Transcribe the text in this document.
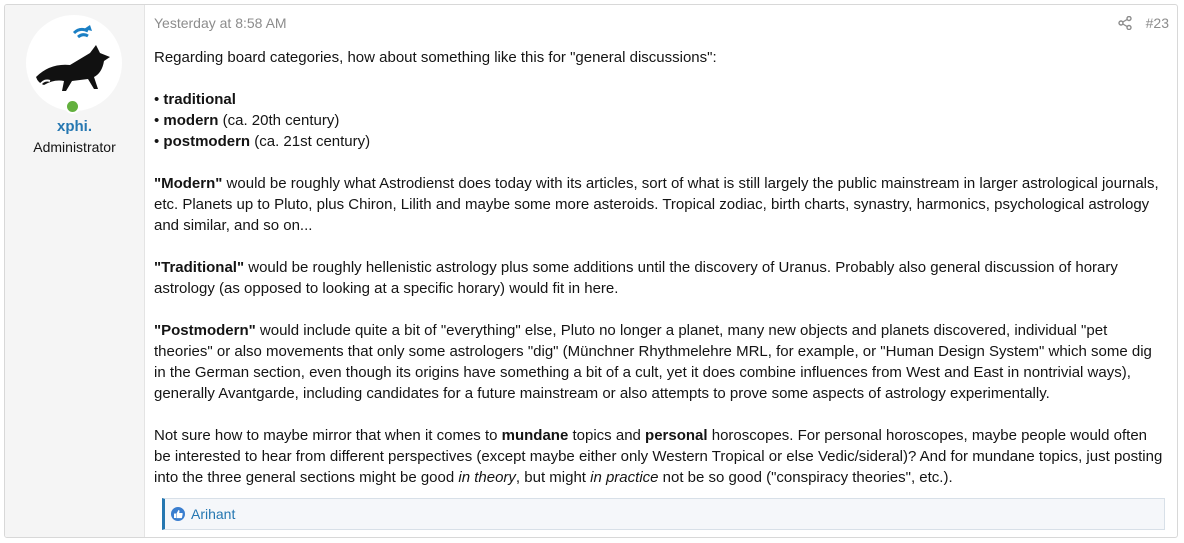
xphi.
Administrator
Yesterday at 8:58 AM	#23

Regarding board categories, how about something like this for "general discussions":

• traditional
• modern (ca. 20th century)
• postmodern (ca. 21st century)

"Modern" would be roughly what Astrodienst does today with its articles, sort of what is still largely the public mainstream in larger astrological journals, etc. Planets up to Pluto, plus Chiron, Lilith and maybe some more asteroids. Tropical zodiac, birth charts, synastry, harmonics, psychological astrology and similar, and so on...

"Traditional" would be roughly hellenistic astrology plus some additions until the discovery of Uranus. Probably also general discussion of horary astrology (as opposed to looking at a specific horary) would fit in here.

"Postmodern" would include quite a bit of "everything" else, Pluto no longer a planet, many new objects and planets discovered, individual "pet theories" or also movements that only some astrologers "dig" (Münchner Rhythmelehre MRL, for example, or "Human Design System" which some dig in the German section, even though its origins have something a bit of a cult, yet it does combine influences from West and East in nontrivial ways), generally Avantgarde, including candidates for a future mainstream or also attempts to prove some aspects of astrology experimentally.

Not sure how to maybe mirror that when it comes to mundane topics and personal horoscopes. For personal horoscopes, maybe people would often be interested to hear from different perspectives (except maybe either only Western Tropical or else Vedic/sideral)? And for mundane topics, just posting into the three general sections might be good in theory, but might in practice not be so good ("conspiracy theories", etc.).

Arihant
